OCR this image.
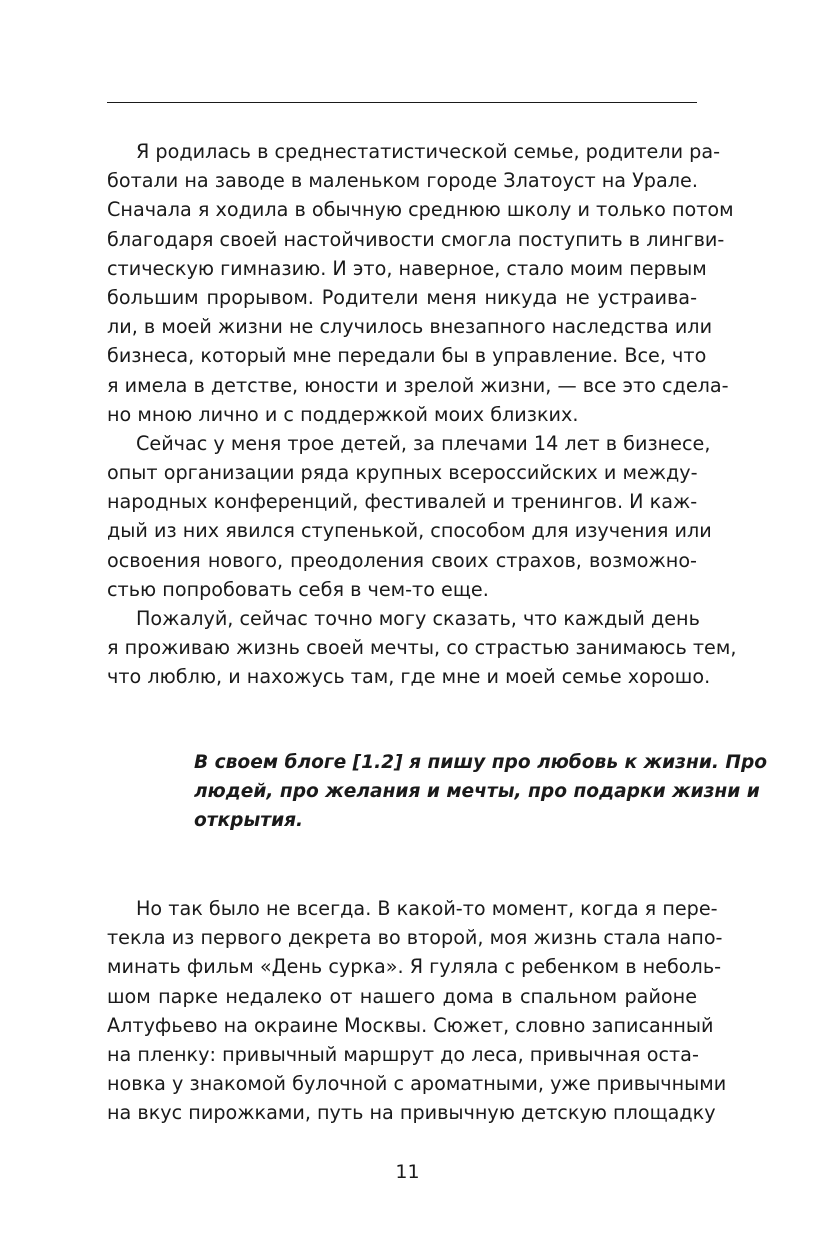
Я родилась в среднестатистической семье, родители ра-
ботали на заводе в маленьком городе Златоуст на Урале.
Сначала я ходила в обычную среднюю школу и только потом
благодаря своей настойчивости смогла поступить в лингви-
стическую гимназию. И это, наверное, стало моим первым
большим прорывом. Родители меня никуда не устраива-
ли, в моей жизни не случилось внезапного наследства или
бизнеса, который мне передали бы в управление. Все, что
я имела в детстве, юности и зрелой жизни, — все это сдела-
но мною лично и с поддержкой моих близких.
Сейчас у меня трое детей, за плечами 14 лет в бизнесе,
опыт организации ряда крупных всероссийских и между-
народных конференций, фестивалей и тренингов. И каж-
дый из них явился ступенькой, способом для изучения или
освоения нового, преодоления своих страхов, возможно-
стью попробовать себя в чем-то еще.
Пожалуй, сейчас точно могу сказать, что каждый день
я проживаю жизнь своей мечты, со страстью занимаюсь тем,
что люблю, и нахожусь там, где мне и моей семье хорошо.
В своем блоге [1.2] я пишу про любовь к жизни. Про
людей, про желания и мечты, про подарки жизни и
открытия.
Но так было не всегда. В какой-то момент, когда я пере-
текла из первого декрета во второй, моя жизнь стала напо-
минать фильм «День сурка». Я гуляла с ребенком в неболь-
шом парке недалеко от нашего дома в спальном районе
Алтуфьево на окраине Москвы. Сюжет, словно записанный
на пленку: привычный маршрут до леса, привычная оста-
новка у знакомой булочной с ароматными, уже привычными
на вкус пирожками, путь на привычную детскую площадку
11
